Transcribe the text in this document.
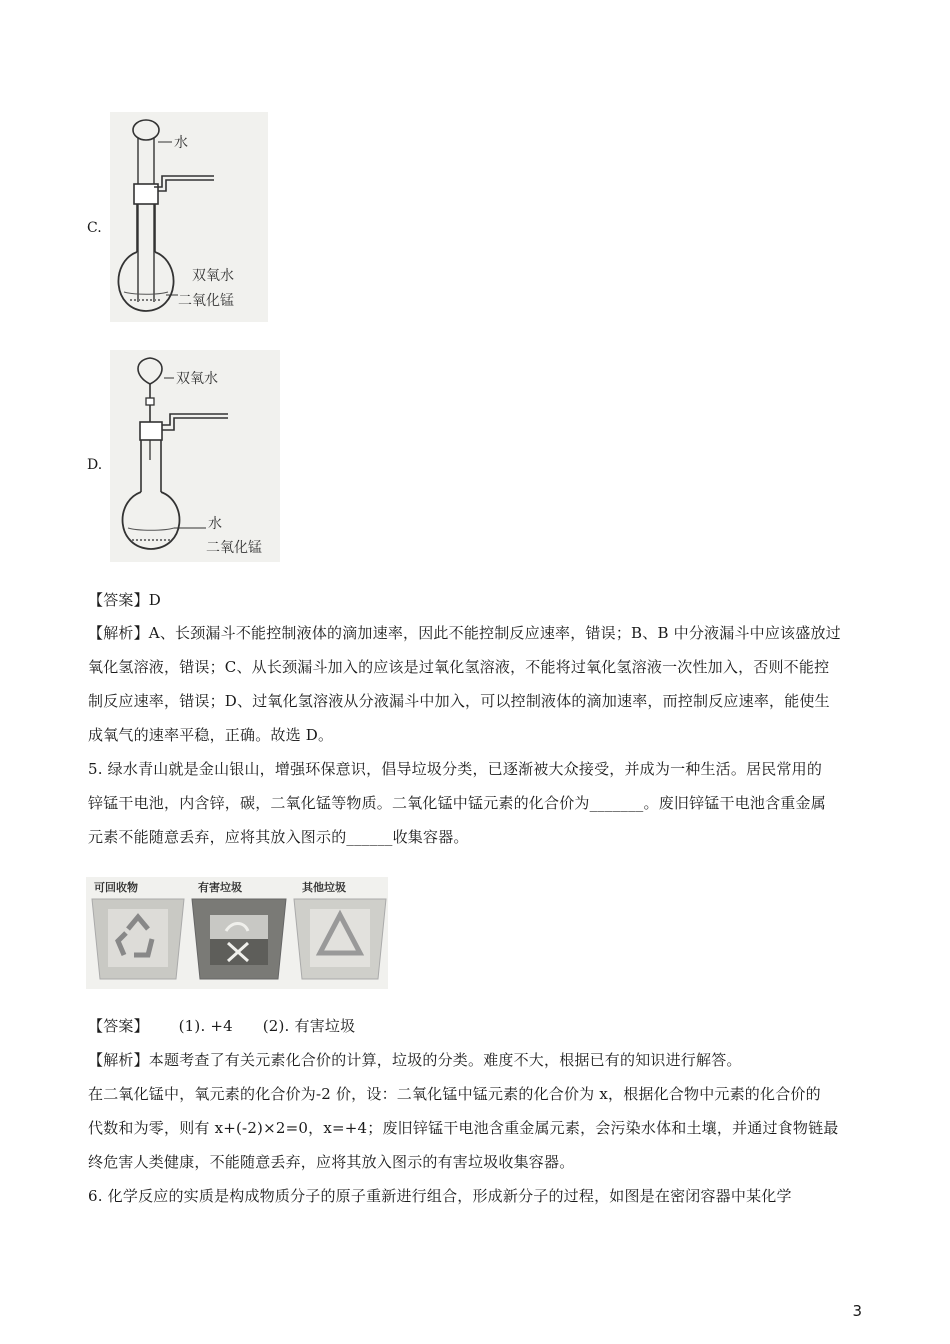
C.
水
双氧水
二氧化锰
D.
双氧水
水
二氧化锰
【答案】D
【解析】A、长颈漏斗不能控制液体的滴加速率，因此不能控制反应速率，错误；B、B 中分液漏斗中应该盛放过
氧化氢溶液，错误；C、从长颈漏斗加入的应该是过氧化氢溶液，不能将过氧化氢溶液一次性加入，否则不能控
制反应速率，错误；D、过氧化氢溶液从分液漏斗中加入，可以控制液体的滴加速率，而控制反应速率，能使生
成氧气的速率平稳，正确。故选 D。
5. 绿水青山就是金山银山，增强环保意识，倡导垃圾分类，已逐渐被大众接受，并成为一种生活。居民常用的
锌锰干电池，内含锌，碳，二氧化锰等物质。二氧化锰中锰元素的化合价为_______。废旧锌锰干电池含重金属
元素不能随意丢弃，应将其放入图示的______收集容器。
可回收物	有害垃圾	其他垃圾
【答案】      (1). +4      (2). 有害垃圾
【解析】本题考查了有关元素化合价的计算，垃圾的分类。难度不大，根据已有的知识进行解答。
在二氧化锰中，氧元素的化合价为-2 价，设：二氧化锰中锰元素的化合价为 x，根据化合物中元素的化合价的
代数和为零，则有 x+(-2)×2=0，x=+4；废旧锌锰干电池含重金属元素，会污染水体和土壤，并通过食物链最
终危害人类健康，不能随意丢弃，应将其放入图示的有害垃圾收集容器。
6. 化学反应的实质是构成物质分子的原子重新进行组合，形成新分子的过程，如图是在密闭容器中某化学
3
